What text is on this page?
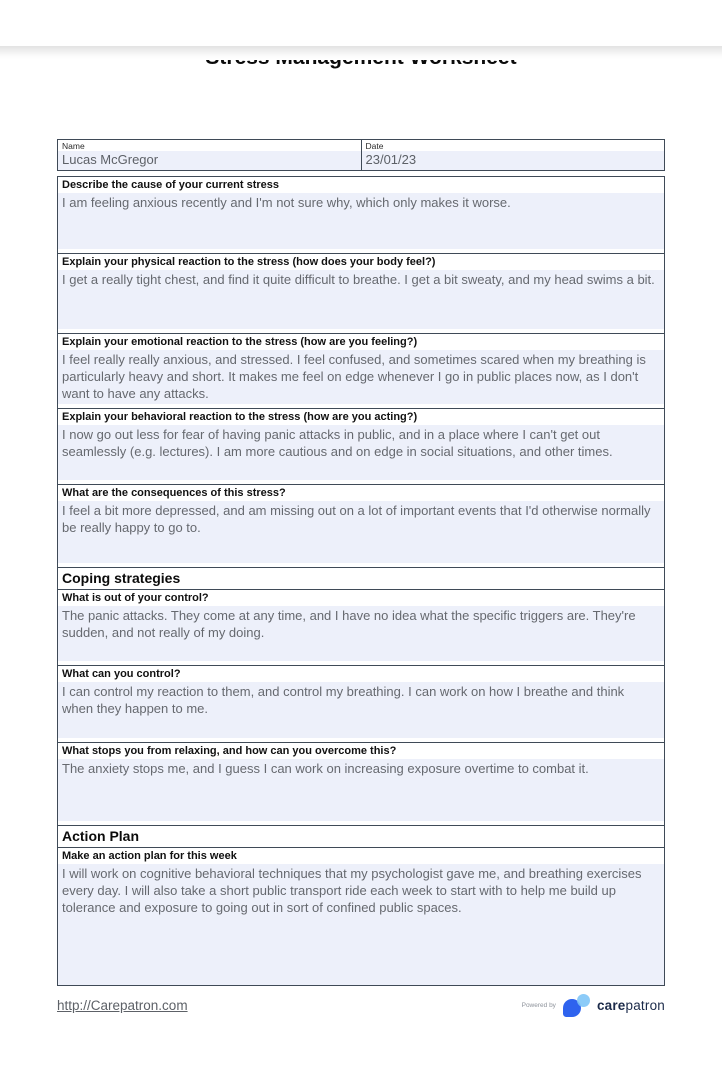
Name
Lucas McGregor
Date
23/01/23
Describe the cause of your current stress
I am feeling anxious recently and I'm not sure why, which only makes it worse.
Explain your physical reaction to the stress (how does your body feel?)
I get a really tight chest, and find it quite difficult to breathe. I get a bit sweaty, and my head swims a bit.
Explain your emotional reaction to the stress (how are you feeling?)
I feel really really anxious, and stressed. I feel confused, and sometimes scared when my breathing is particularly heavy and short. It makes me feel on edge whenever I go in public places now, as I don't want to have any attacks.
Explain your behavioral reaction to the stress (how are you acting?)
I now go out less for fear of having panic attacks in public, and in a place where I can't get out seamlessly (e.g. lectures). I am more cautious and on edge in social situations, and other times.
What are the consequences of this stress?
I feel a bit more depressed, and am missing out on a lot of important events that I'd otherwise normally be really happy to go to.
Coping strategies
What is out of your control?
The panic attacks. They come at any time, and I have no idea what the specific triggers are. They're sudden, and not really of my doing.
What can you control?
I can control my reaction to them, and control my breathing. I can work on how I breathe and think when they happen to me.
What stops you from relaxing, and how can you overcome this?
The anxiety stops me, and I guess I can work on increasing exposure overtime to combat it.
Action Plan
Make an action plan for this week
I will work on cognitive behavioral techniques that my psychologist gave me, and breathing exercises every day. I will also take a short public transport ride each week to start with to help me build up tolerance and exposure to going out in sort of confined public spaces.
http://Carepatron.com	Powered by	carepatron
